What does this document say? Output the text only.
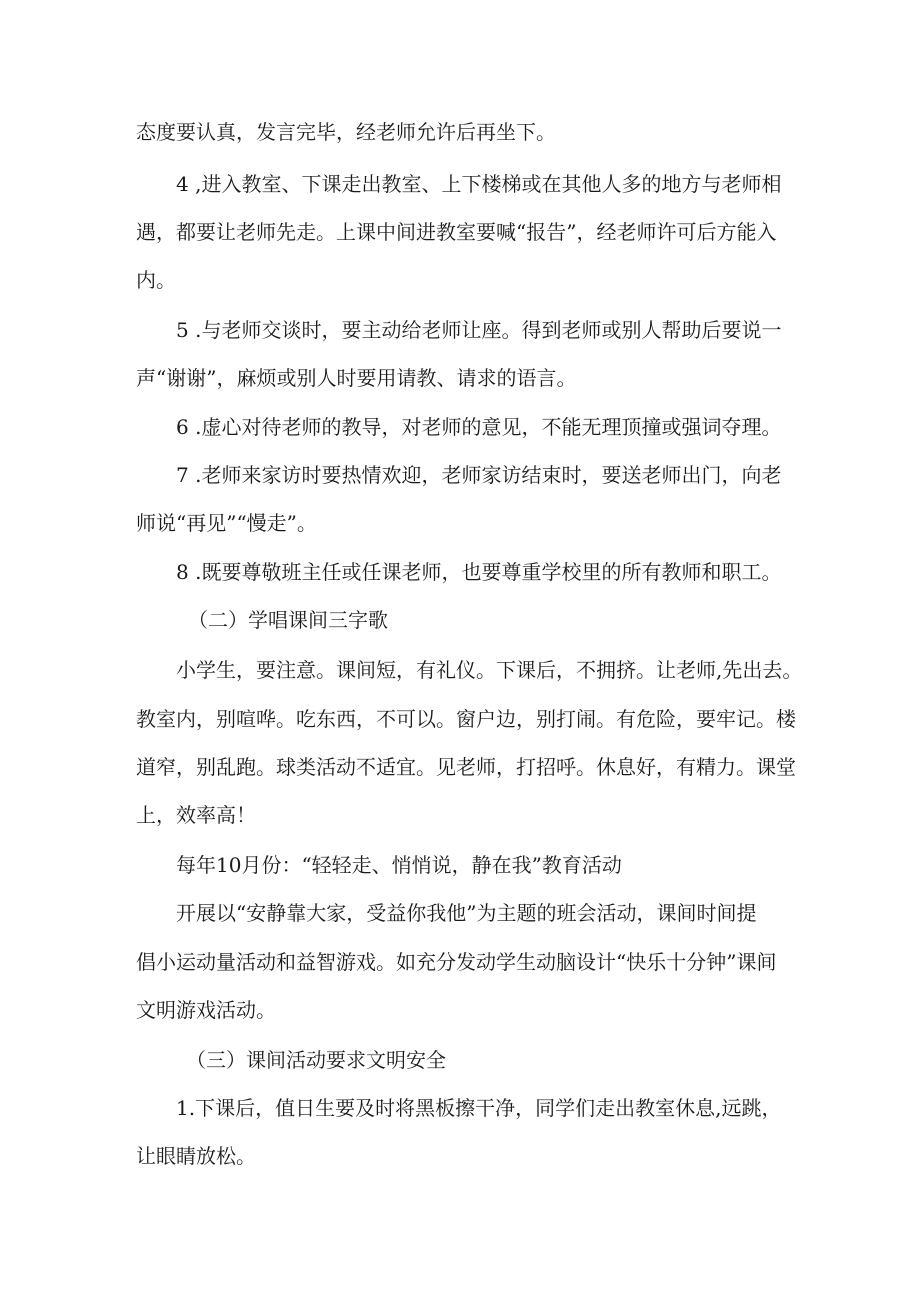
态度要认真，发言完毕，经老师允许后再坐下。
4 ,进入教室、下课走出教室、上下楼梯或在其他人多的地方与老师相
遇，都要让老师先走。上课中间进教室要喊“报告”，经老师许可后方能入
内。
5 .与老师交谈时，要主动给老师让座。得到老师或别人帮助后要说一
声“谢谢”，麻烦或别人时要用请教、请求的语言。
6 .虚心对待老师的教导，对老师的意见，不能无理顶撞或强词夺理。
7 .老师来家访时要热情欢迎，老师家访结束时，要送老师出门，向老
师说“再见”“慢走”。
8 .既要尊敬班主任或任课老师，也要尊重学校里的所有教师和职工。
（二）学唱课间三字歌
小学生，要注意。课间短，有礼仪。下课后，不拥挤。让老师,先出去。
教室内，别喧哗。吃东西，不可以。窗户边，别打闹。有危险，要牢记。楼
道窄，别乱跑。球类活动不适宜。见老师，打招呼。休息好，有精力。课堂
上，效率高！
每年10月份：“轻轻走、悄悄说，静在我”教育活动
开展以“安静靠大家，受益你我他”为主题的班会活动，课间时间提
倡小运动量活动和益智游戏。如充分发动学生动脑设计“快乐十分钟”课间
文明游戏活动。
（三）课间活动要求文明安全
1.下课后，值日生要及时将黑板擦干净，同学们走出教室休息,远跳，
让眼睛放松。
